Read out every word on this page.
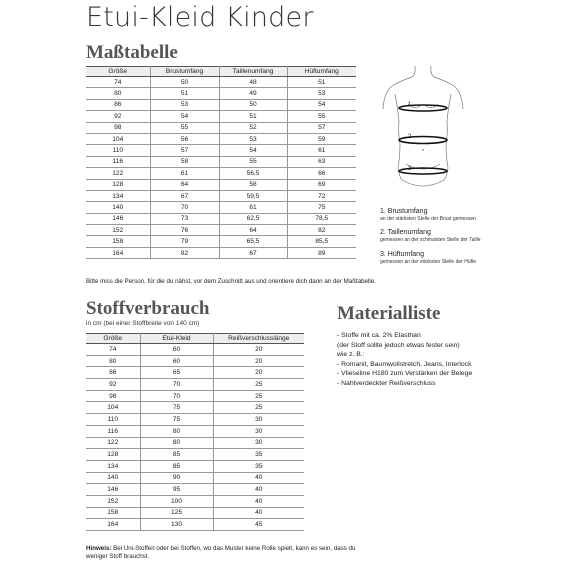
Etui-Kleid Kinder
Maßtabelle
Größe	Brustumfang	Taillenumfang	Hüftumfang
74	50	48	51
80	51	49	53
86	53	50	54
92	54	51	55
98	55	52	57
104	56	53	59
110	57	54	61
116	58	55	63
122	61	56,5	66
128	64	58	69
134	67	59,5	72
140	70	61	75
146	73	62,5	78,5
152	76	64	82
158	79	65,5	85,5
164	82	67	89
Bitte miss die Person, für die du nähst, vor dem Zuschnitt aus und orientiere dich dann an der Maßtabelle.
1
2
3
1. Brustumfang
an der stärksten Stelle der Brust gemessen
2. Taillenumfang
gemessen an der schmalsten Stelle der Taille
3. Hüftumfang
gemessen an der stärksten Stelle der Hüfte
Stoffverbrauch
in cm (bei einer Stoffbreite von 140 cm)
Größe	Etui-Kleid	Reißverschlusslänge
74	60	20
80	60	20
86	65	20
92	70	25
98	70	25
104	75	25
110	75	30
116	80	30
122	80	30
128	85	35
134	85	35
140	90	40
146	95	40
152	100	40
158	125	40
164	130	45
Hinweis: Bei Uni-Stoffen oder bei Stoffen, wo das Muster keine Rolle spielt, kann es sein, dass du weniger Stoff brauchst.
Materialliste
- Stoffe mit ca. 2% Elasthan
(der Stoff sollte jedoch etwas fester sein)
wie z. B.:
- Romanit, Baumwollstretch, Jeans, Interlock
- Vlieseline H180 zum Verstärken der Belege
- Nahtverdeckter Reißverschluss
